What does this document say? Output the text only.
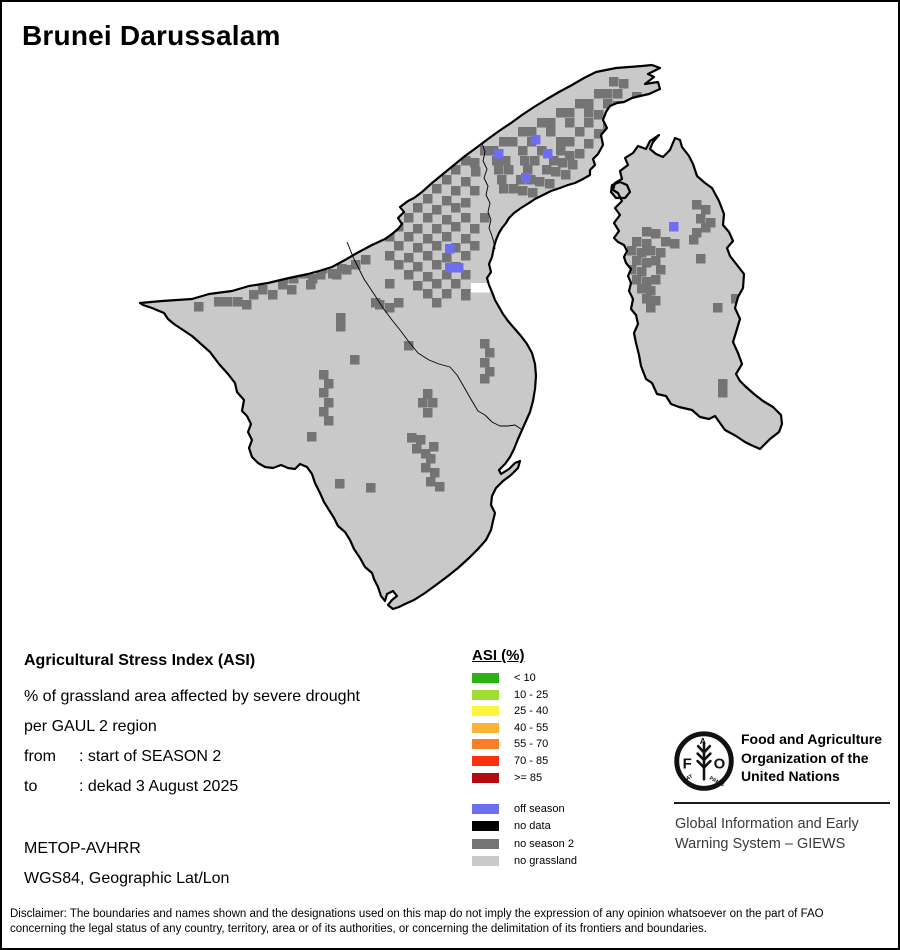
Brunei Darussalam
Agricultural Stress Index (ASI)
% of grassland area affected by severe drought
per GAUL 2 region
from : start of SEASON 2
to	: dekad 3 August 2025
METOP-AVHRR
WGS84, Geographic Lat/Lon
ASI (%)
< 10
10 - 25
25 - 40
40 - 55
55 - 70
70 - 85
>= 85
off season
no data
no season 2
no grassland
F
A
O
FIAT	PANIS
Food and Agriculture
Organization of the
United Nations
Global Information and Early
Warning System – GIEWS
Disclaimer: The boundaries and names shown and the designations used on this map do not imply the expression of any opinion whatsoever on the part of FAO
concerning the legal status of any country, territory, area or of its authorities, or concerning the delimitation of its frontiers and boundaries.
